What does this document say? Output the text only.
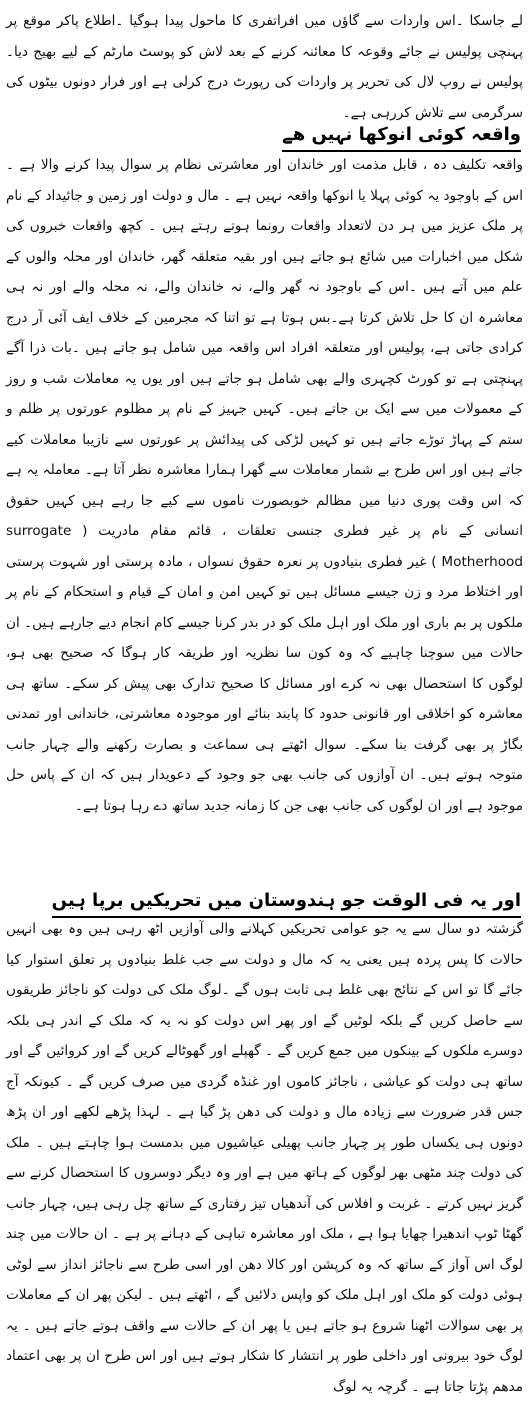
لے جاسکا ۔اس واردات سے گاؤں میں افراتفری کا ماحول پیدا ہوگیا ۔اطلاع پاکر موقع پر پہنچی پولیس نے جائے وقوعہ کا معائنہ کرنے کے بعد لاش کو پوسٹ مارٹم کے لیے بھیج دیا۔ پولیس نے روپ لال کی تحریر پر واردات کی رپورٹ درج کرلی ہے اور فرار دونوں بیٹوں کی سرگرمی سے تلاش کررہی ہے۔

واقعہ کوئی انوکھا نہیں ھے

واقعہ تکلیف دہ ، قابل مذمت اور خاندان اور معاشرتی نظام پر سوال پیدا کرنے والا ہے ۔اس کے باوجود یہ کوئی پہلا یا انوکھا واقعہ نہیں ہے ۔ مال و دولت اور زمین و جائیداد کے نام پر ملک عزیز میں ہر دن لاتعداد واقعات رونما ہوتے رہتے ہیں ۔ کچھ واقعات خبروں کی شکل میں اخبارات میں شائع ہو جاتے ہیں اور بقیہ متعلقہ گھر، خاندان اور محلہ والوں کے علم میں آتے ہیں ۔اس کے باوجود نہ گھر والے، نہ خاندان والے، نہ محلہ والے اور نہ ہی معاشرہ ان کا حل تلاش کرتا ہے۔بس ہوتا ہے تو اتنا کہ مجرمین کے خلاف ایف آئی آر درج کرادی جاتی ہے، پولیس اور متعلقہ افراد اس واقعہ میں شامل ہو جاتے ہیں ۔بات ذرا آگے پہنچتی ہے تو کورٹ کچہری والے بھی شامل ہو جاتے ہیں اور یوں یہ معاملات شب و روز کے معمولات میں سے ایک بن جاتے ہیں۔ کہیں جہیز کے نام پر مظلوم عورتوں پر ظلم و ستم کے پہاڑ توڑے جاتے ہیں تو کہیں لڑکی کی پیدائش پر عورتوں سے نازیبا معاملات کیے جاتے ہیں اور اس طرح بے شمار معاملات سے گھرا ہمارا معاشرہ نظر آتا ہے۔ معاملہ یہ ہے کہ اس وقت پوری دنیا میں مظالم خوبصورت ناموں سے کیے جا رہے ہیں کہیں حقوق انسانی کے نام پر غیر فطری جنسی تعلقات ، قائم مقام مادریت ( surrogate Motherhood ) غیر فطری بنیادوں پر نعرہ حقوق نسواں ، مادہ پرستی اور شہوت پرستی اور اختلاط مرد و زن جیسے مسائل ہیں تو کہیں امن و امان کے قیام و استحکام کے نام پر ملکوں پر بم باری اور ملک اور اہل ملک کو در بدر کرنا جیسے کام انجام دیے جارہے ہیں۔ ان حالات میں سوچنا چاہیے کہ وہ کون سا نظریہ اور طریقہ کار ہوگا کہ صحیح بھی ہو، لوگوں کا استحصال بھی نہ کرے اور مسائل کا صحیح تدارک بھی پیش کر سکے۔ ساتھ ہی معاشرہ کو اخلاقی اور قانونی حدود کا پابند بنائے اور موجودہ معاشرتی، خاندانی اور تمدنی بگاڑ پر بھی گرفت بنا سکے۔ سوال اٹھتے ہی سماعت و بصارت رکھنے والے چہار جانب متوجہ ہوتے ہیں۔ ان آوازوں کی جانب بھی جو وجود کے دعویدار ہیں کہ ان کے پاس حل موجود ہے اور ان لوگوں کی جانب بھی جن کا زمانہ جدید ساتھ دے رہا ہوتا ہے۔

اور یہ فی الوقت جو ہندوستان میں تحریکیں برپا ہیں

گزشتہ دو سال سے یہ جو عوامی تحریکیں کہلانے والی آوازیں اٹھ رہی ہیں وہ بھی انہیں حالات کا پس پردہ ہیں یعنی یہ کہ مال و دولت سے جب غلط بنیادوں پر تعلق استوار کیا جائے گا تو اس کے نتائج بھی غلط ہی ثابت ہوں گے ۔لوگ ملک کی دولت کو ناجائز طریقوں سے حاصل کریں گے بلکہ لوٹیں گے اور پھر اس دولت کو نہ یہ کہ ملک کے اندر ہی بلکہ دوسرے ملکوں کے بینکوں میں جمع کریں گے ۔ گھپلے اور گھوٹالے کریں گے اور کروائیں گے اور ساتھ ہی دولت کو عیاشی ، ناجائز کاموں اور غنڈہ گردی میں صرف کریں گے ۔ کیونکہ آج جس قدر ضرورت سے زیادہ مال و دولت کی دھن پڑ گیا ہے ۔ لہذا پڑھے لکھے اور ان پڑھ دونوں ہی یکساں طور پر چہار جانب پھیلی عیاشیوں میں بدمست ہوا چاہتے ہیں ۔ ملک کی دولت چند مٹھی بھر لوگوں کے ہاتھ میں ہے اور وہ دیگر دوسروں کا استحصال کرنے سے گریز نہیں کرتے ۔ غربت و افلاس کی آندھیاں تیز رفتاری کے ساتھ چل رہی ہیں، چہار جانب گھٹا ٹوپ اندھیرا چھایا ہوا ہے ، ملک اور معاشرہ تباہی کے دہانے پر ہے ۔ ان حالات میں چند لوگ اس آواز کے ساتھ کہ وہ کرپشن اور کالا دھن اور اسی طرح سے ناجائز انداز سے لوٹی ہوئی دولت کو ملک اور اہل ملک کو واپس دلائیں گے ، اٹھتے ہیں ۔ لیکن پھر ان کے معاملات پر بھی سوالات اٹھنا شروع ہو جاتے ہیں یا پھر ان کے حالات سے واقف ہوتے جاتے ہیں ۔ یہ لوگ خود بیرونی اور داخلی طور پر انتشار کا شکار ہوتے ہیں اور اس طرح ان پر بھی اعتماد مدھم پڑتا جاتا ہے ۔ گرچہ یہ لوگ
